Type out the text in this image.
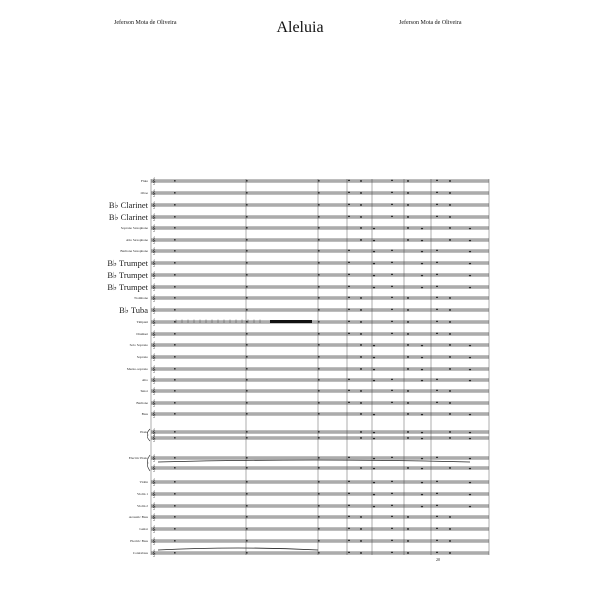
Jeferson Mota de Oliveira	Aleluia	Jeferson Mota de Oliveira
𝄞
𝄞
𝄞
𝄞
𝄞
𝄞
𝄞
𝄞
𝄞
𝄞
𝄞
𝄞
𝄞
𝄞
𝄞
𝄞
𝄞
𝄞
𝄞
𝄞
𝄞
𝄞
𝄞
𝄞
𝄞
𝄞
𝄞
𝄞
𝄞
𝄞
𝄞
𝄞
Flute
Oboe
B♭ Clarinet
B♭ Clarinet
Soprano Saxophone
Alto Saxophone
Baritone Saxophone
B♭ Trumpet
B♭ Trumpet
B♭ Trumpet
Trombone
B♭ Tuba
Timpani
Drumset
Solo Soprano
Soprano
Mezzo-soprano
Alto
Tenor
Baritone
Bass
Piano
Electric Piano
Violin
Violin 1
Violin 2
Acoustic Bass
Guitar
Electric Bass
Contrabass
20
